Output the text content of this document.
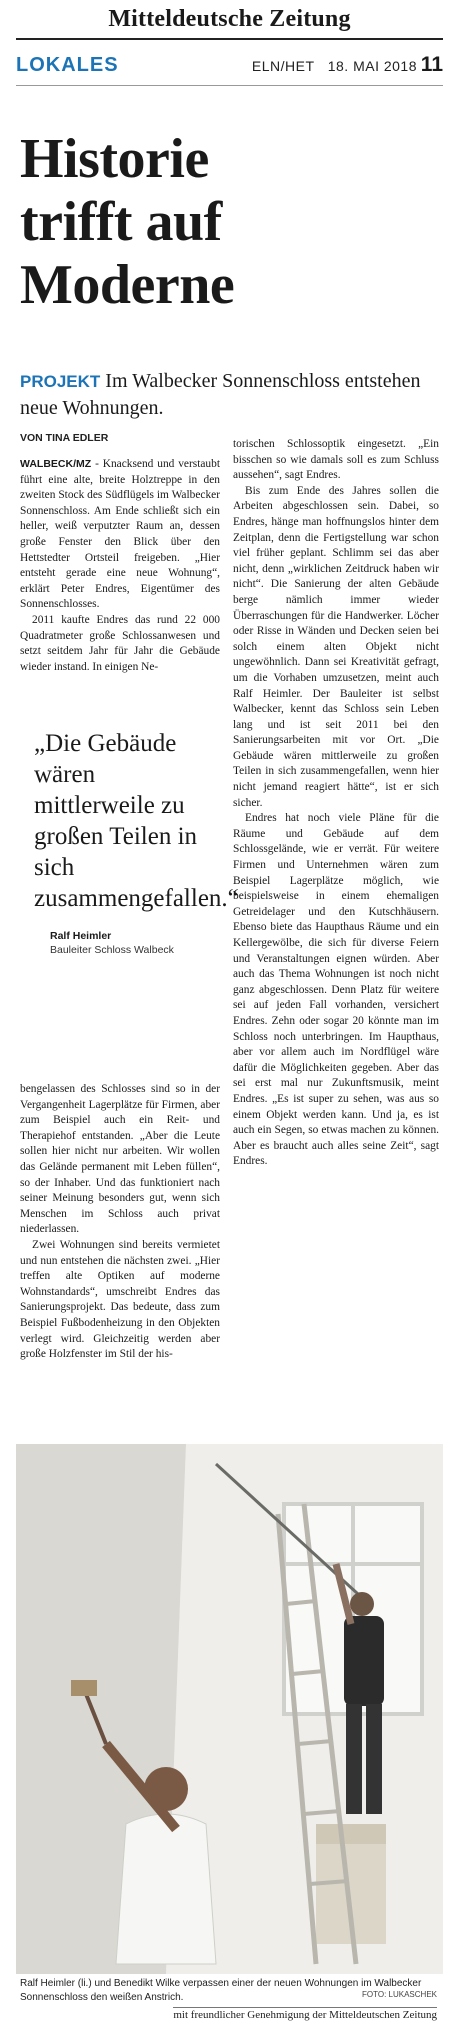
Mitteldeutsche Zeitung
LOKALES	ELN/HET 18. MAI 2018 11
Historie
trifft auf
Moderne
PROJEKT Im Walbecker Sonnenschloss entstehen neue Wohnungen.
VON TINA EDLER

WALBECK/MZ - Knacksend und verstaubt führt eine alte, breite Holztreppe in den zweiten Stock des Südflügels im Walbecker Sonnenschloss. Am Ende schließt sich ein heller, weiß verputzter Raum an, dessen große Fenster den Blick über den Hettstedter Ortsteil freigeben. „Hier entsteht gerade eine neue Wohnung“, erklärt Peter Endres, Eigentümer des Sonnenschlosses.

2011 kaufte Endres das rund 22 000 Quadratmeter große Schlossanwesen und setzt seitdem Jahr für Jahr die Gebäude wieder instand. In einigen Ne-

„Die Gebäude wären mittlerweile zu großen Teilen in sich zusammengefallen.“

Ralf Heimler
Bauleiter Schloss Walbeck

bengelassen des Schlosses sind so in der Vergangenheit Lagerplätze für Firmen, aber zum Beispiel auch ein Reit- und Therapiehof entstanden. „Aber die Leute sollen hier nicht nur arbeiten. Wir wollen das Gelände permanent mit Leben füllen“, so der Inhaber. Und das funktioniert nach seiner Meinung besonders gut, wenn sich Menschen im Schloss auch privat niederlassen.

Zwei Wohnungen sind bereits vermietet und nun entstehen die nächsten zwei. „Hier treffen alte Optiken auf moderne Wohnstandards“, umschreibt Endres das Sanierungsprojekt. Das bedeute, dass zum Beispiel Fußbodenheizung in den Objekten verlegt wird. Gleichzeitig werden aber große Holzfenster im Stil der his-

torischen Schlossoptik eingesetzt. „Ein bisschen so wie damals soll es zum Schluss aussehen“, sagt Endres.

Bis zum Ende des Jahres sollen die Arbeiten abgeschlossen sein. Dabei, so Endres, hänge man hoffnungslos hinter dem Zeitplan, denn die Fertigstellung war schon viel früher geplant. Schlimm sei das aber nicht, denn „wirklichen Zeitdruck haben wir nicht“. Die Sanierung der alten Gebäude berge nämlich immer wieder Überraschungen für die Handwerker. Löcher oder Risse in Wänden und Decken seien bei solch einem alten Objekt nicht ungewöhnlich. Dann sei Kreativität gefragt, um die Vorhaben umzusetzen, meint auch Ralf Heimler. Der Bauleiter ist selbst Walbecker, kennt das Schloss sein Leben lang und ist seit 2011 bei den Sanierungsarbeiten mit vor Ort. „Die Gebäude wären mittlerweile zu großen Teilen in sich zusammengefallen, wenn hier nicht jemand reagiert hätte“, ist er sich sicher.

Endres hat noch viele Pläne für die Räume und Gebäude auf dem Schlossgelände, wie er verrät. Für weitere Firmen und Unternehmen wären zum Beispiel Lagerplätze möglich, wie beispielsweise in einem ehemaligen Getreidelager und den Kutschhäusern. Ebenso biete das Haupthaus Räume und ein Kellergewölbe, die sich für diverse Feiern und Veranstaltungen eignen würden. Aber auch das Thema Wohnungen ist noch nicht ganz abgeschlossen. Denn Platz für weitere sei auf jeden Fall vorhanden, versichert Endres. Zehn oder sogar 20 könnte man im Schloss noch unterbringen. Im Haupthaus, aber vor allem auch im Nordflügel wäre dafür die Möglichkeiten gegeben. Aber das sei erst mal nur Zukunftsmusik, meint Endres. „Es ist super zu sehen, was aus so einem Objekt werden kann. Und ja, es ist auch ein Segen, so etwas machen zu können. Aber es braucht auch alles seine Zeit“, sagt Endres.

Ralf Heimler (li.) und Benedikt Wilke verpassen einer der neuen Wohnungen im Walbecker Sonnenschloss den weißen Anstrich.	FOTO: LUKASCHEK
mit freundlicher Genehmigung der Mitteldeutschen Zeitung
